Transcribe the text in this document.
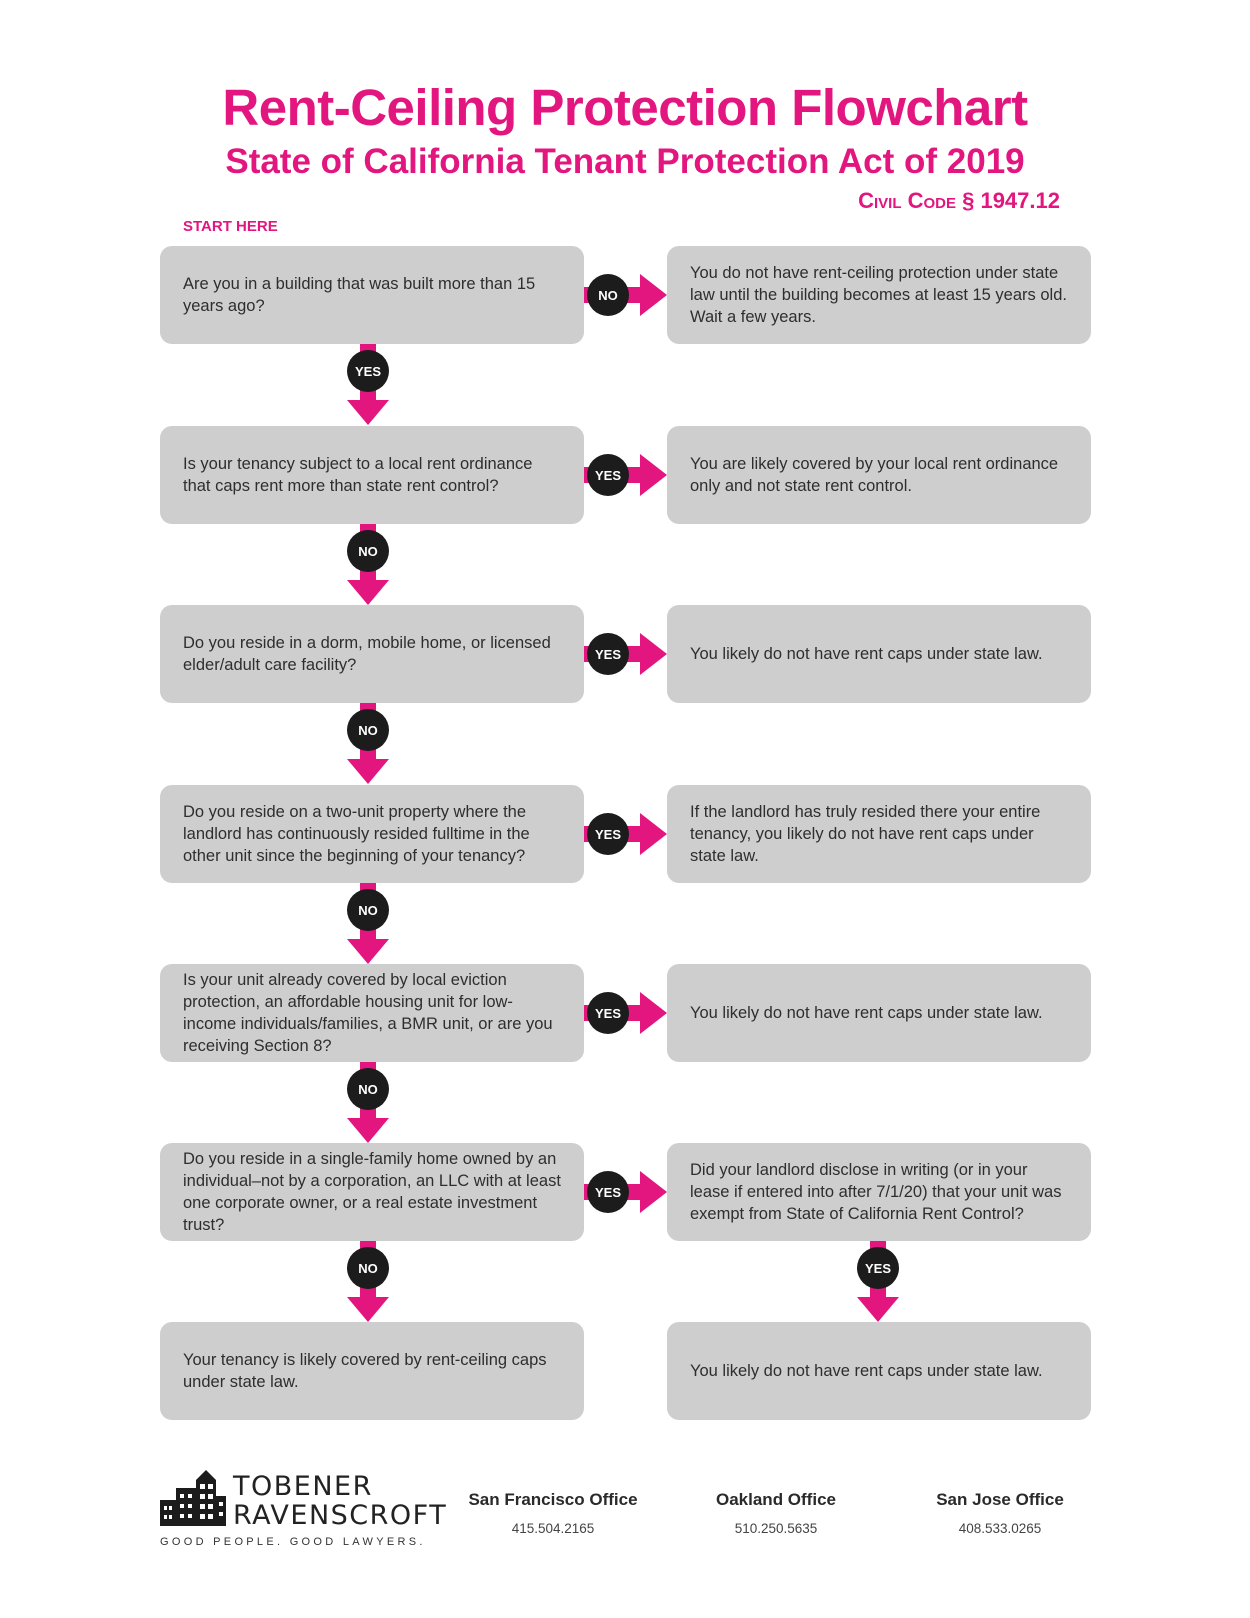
Rent-Ceiling Protection Flowchart
State of California Tenant Protection Act of 2019
Civil Code § 1947.12
START HERE
Are you in a building that was built more than 15 years ago?
You do not have rent-ceiling protection under state law until the building becomes at least 15 years old. Wait a few years.
Is your tenancy subject to a local rent ordinance that caps rent more than state rent control?
You are likely covered by your local rent ordinance only and not state rent control.
Do you reside in a dorm, mobile home, or licensed elder/adult care facility?
You likely do not have rent caps under state law.
Do you reside on a two-unit property where the landlord has continuously resided fulltime in the other unit since the beginning of your tenancy?
If the landlord has truly resided there your entire tenancy, you likely do not have rent caps under state law.
Is your unit already covered by local eviction protection, an affordable housing unit for low-income individuals/families, a BMR unit, or are you receiving Section 8?
You likely do not have rent caps under state law.
Do you reside in a single-family home owned by an individual–not by a corporation, an LLC with at least one corporate owner, or a real estate investment trust?
Did your landlord disclose in writing (or in your lease if entered into after 7/1/20) that your unit was exempt from State of California Rent Control?
Your tenancy is likely covered by rent-ceiling caps under state law.
You likely do not have rent caps under state law.
NO
YES
YES
YES
YES
YES
YES
NO
NO
NO
NO
NO	YES
TOBENER
RAVENSCROFT
GOOD PEOPLE. GOOD LAWYERS.
San Francisco Office
415.504.2165
Oakland Office
510.250.5635
San Jose Office
408.533.0265
